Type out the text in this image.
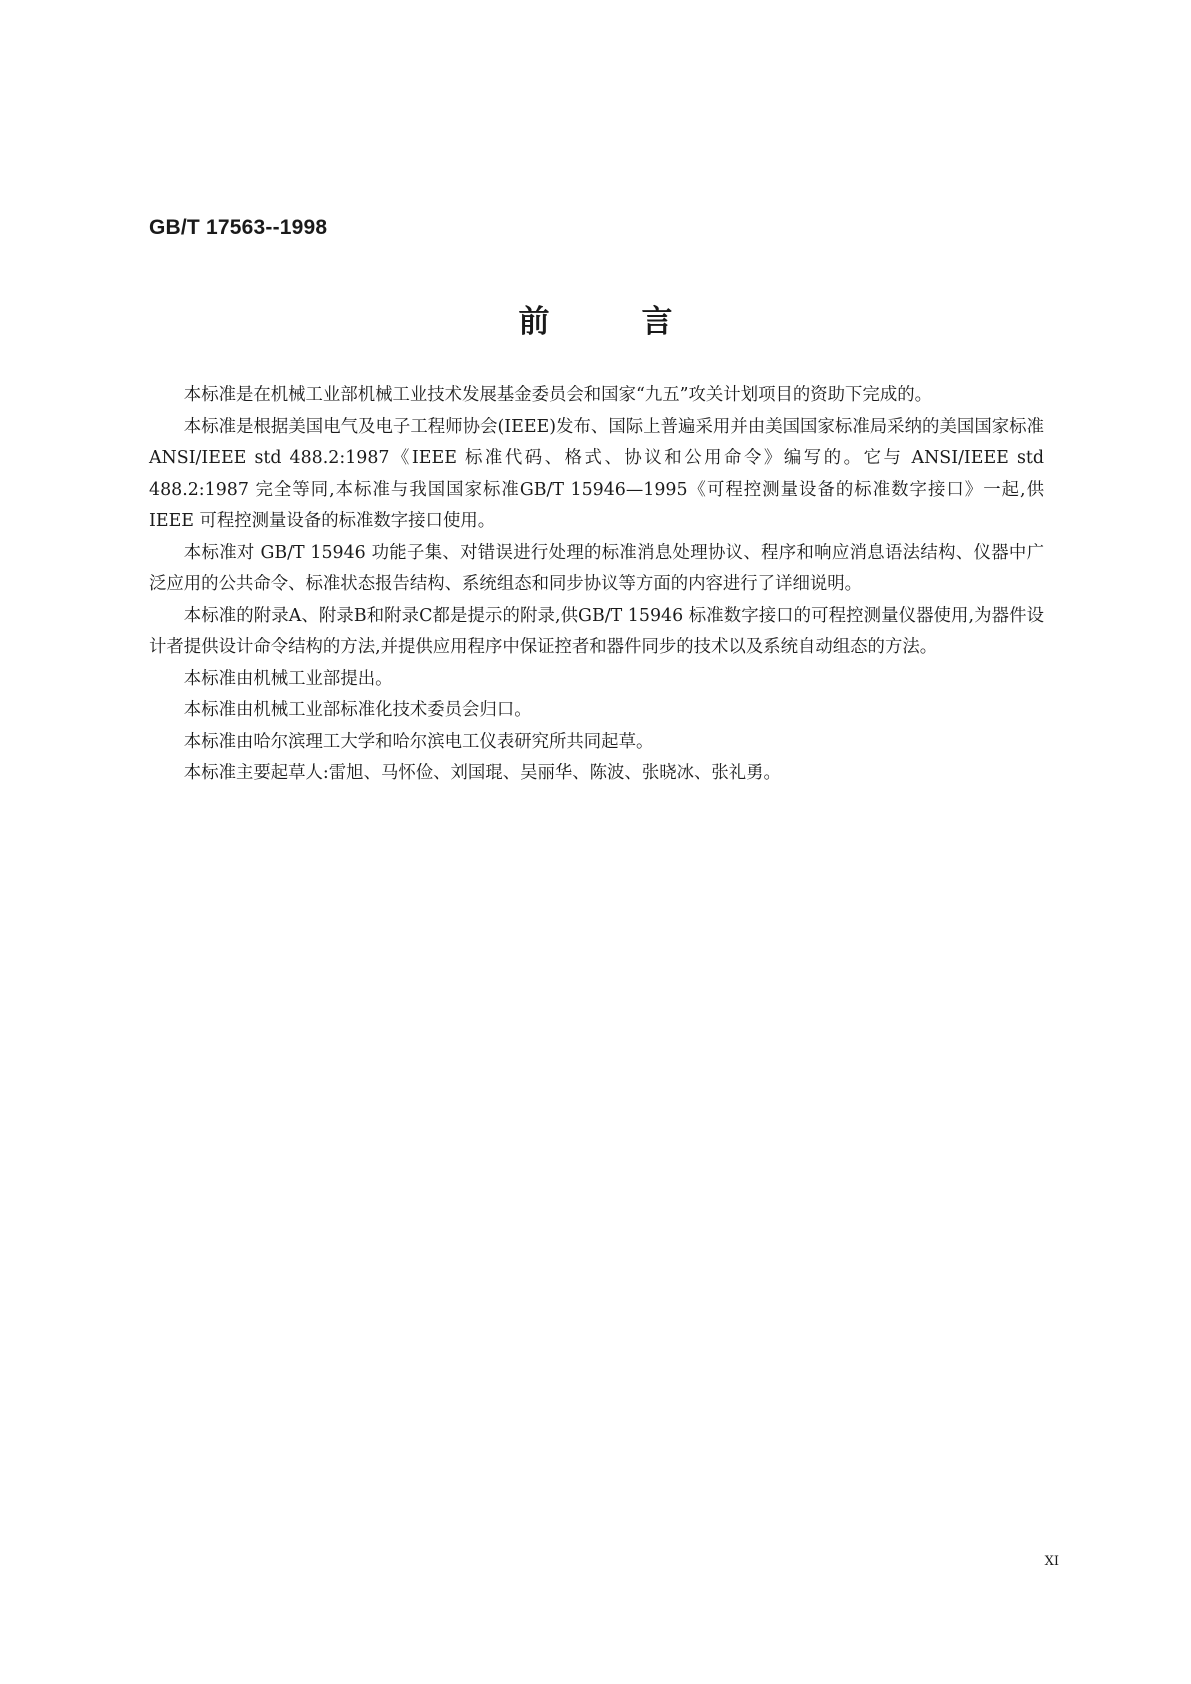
GB/T 17563--1998
前言

本标准是在机械工业部机械工业技术发展基金委员会和国家“九五”攻关计划项目的资助下完成的。

本标准是根据美国电气及电子工程师协会(IEEE)发布、国际上普遍采用并由美国国家标准局采纳的美国国家标准 ANSI/IEEE std 488.2:1987《IEEE 标准代码、格式、协议和公用命令》编写的。它与 ANSI/IEEE std 488.2:1987 完全等同,本标准与我国国家标准GB/T 15946—1995《可程控测量设备的标准数字接口》一起,供 IEEE 可程控测量设备的标准数字接口使用。

本标准对 GB/T 15946 功能子集、对错误进行处理的标准消息处理协议、程序和响应消息语法结构、仪器中广泛应用的公共命令、标准状态报告结构、系统组态和同步协议等方面的内容进行了详细说明。

本标准的附录A、附录B和附录C都是提示的附录,供GB/T 15946 标准数字接口的可程控测量仪器使用,为器件设计者提供设计命令结构的方法,并提供应用程序中保证控者和器件同步的技术以及系统自动组态的方法。

本标准由机械工业部提出。

本标准由机械工业部标准化技术委员会归口。

本标准由哈尔滨理工大学和哈尔滨电工仪表研究所共同起草。

本标准主要起草人:雷旭、马怀俭、刘国琨、吴丽华、陈波、张晓冰、张礼勇。

XI
